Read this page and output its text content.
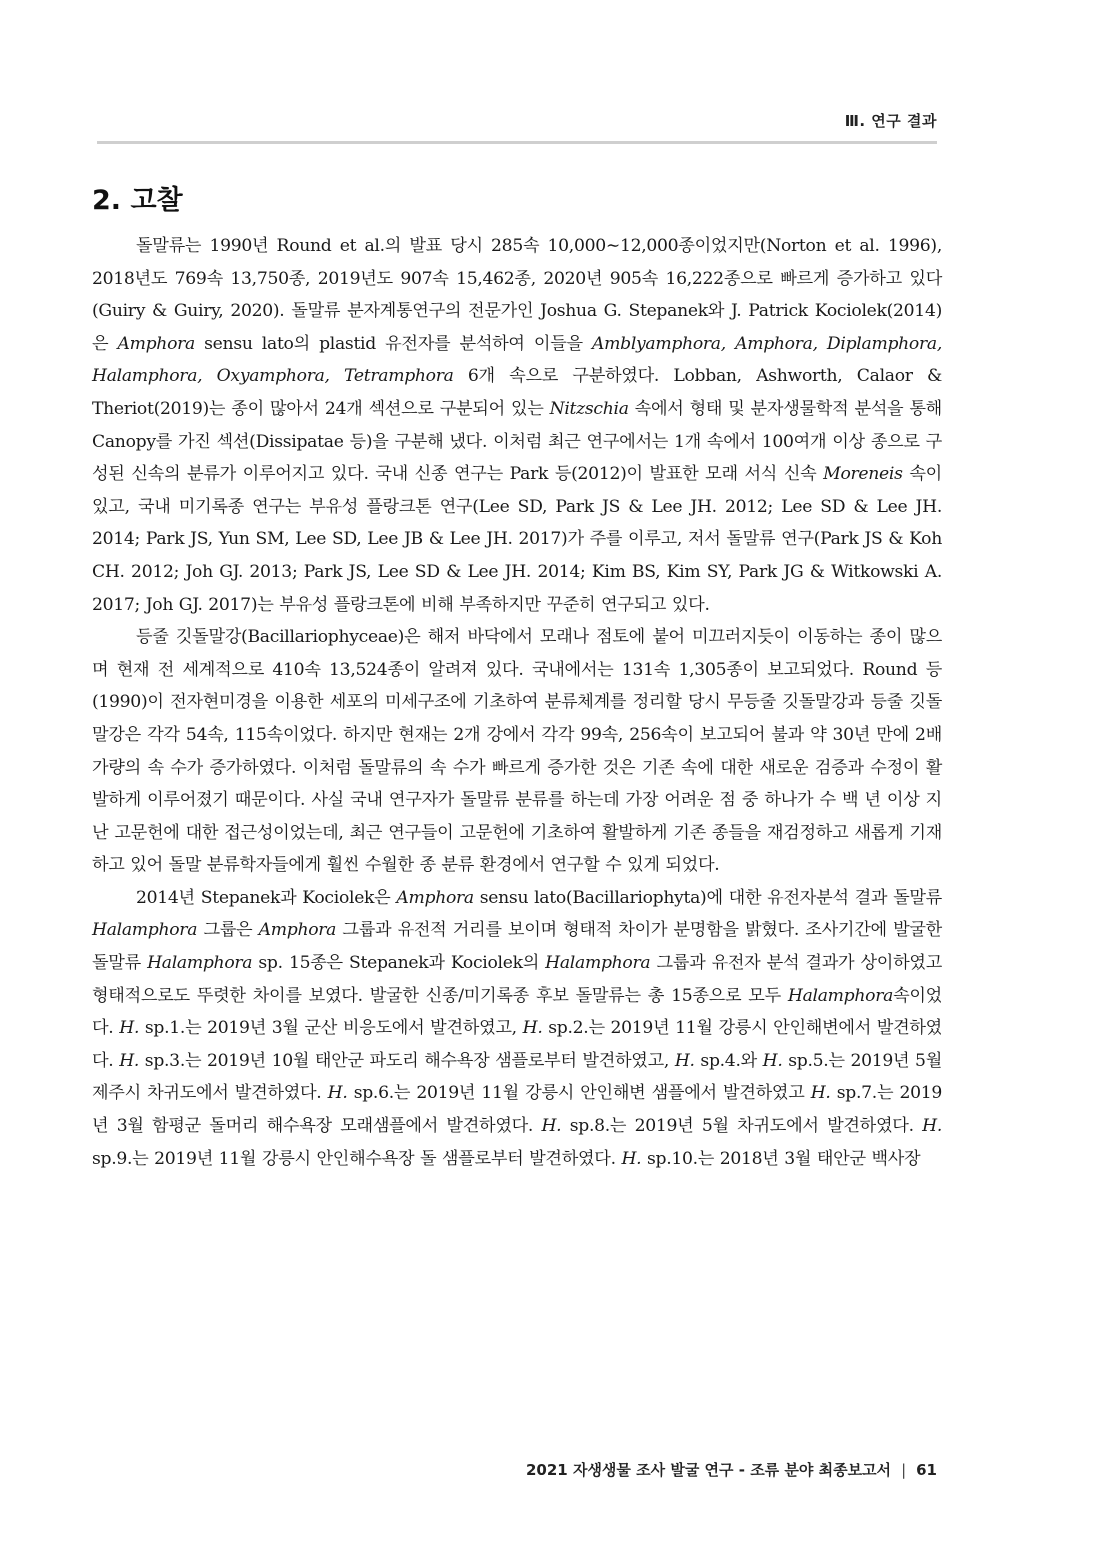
Ⅲ. 연구 결과
2. 고찰

돌말류는 1990년 Round et al.의 발표 당시 285속 10,000∼12,000종이었지만(Norton et al. 1996), 2018년도 769속 13,750종, 2019년도 907속 15,462종, 2020년 905속 16,222종으로 빠르게 증가하고 있다(Guiry & Guiry, 2020). 돌말류 분자계통연구의 전문가인 Joshua G. Stepanek와 J. Patrick Kociolek(2014)은 Amphora sensu lato의 plastid 유전자를 분석하여 이들을 Amblyamphora, Amphora, Diplamphora, Halamphora, Oxyamphora, Tetramphora 6개 속으로 구분하였다. Lobban, Ashworth, Calaor & Theriot(2019)는 종이 많아서 24개 섹션으로 구분되어 있는 Nitzschia 속에서 형태 및 분자생물학적 분석을 통해 Canopy를 가진 섹션(Dissipatae 등)을 구분해 냈다. 이처럼 최근 연구에서는 1개 속에서 100여개 이상 종으로 구성된 신속의 분류가 이루어지고 있다. 국내 신종 연구는 Park 등(2012)이 발표한 모래 서식 신속 Moreneis 속이 있고, 국내 미기록종 연구는 부유성 플랑크톤 연구(Lee SD, Park JS & Lee JH. 2012; Lee SD & Lee JH. 2014; Park JS, Yun SM, Lee SD, Lee JB & Lee JH. 2017)가 주를 이루고, 저서 돌말류 연구(Park JS & Koh CH. 2012; Joh GJ. 2013; Park JS, Lee SD & Lee JH. 2014; Kim BS, Kim SY, Park JG & Witkowski A. 2017; Joh GJ. 2017)는 부유성 플랑크톤에 비해 부족하지만 꾸준히 연구되고 있다.

등줄 깃돌말강(Bacillariophyceae)은 해저 바닥에서 모래나 점토에 붙어 미끄러지듯이 이동하는 종이 많으며 현재 전 세계적으로 410속 13,524종이 알려져 있다. 국내에서는 131속 1,305종이 보고되었다. Round 등(1990)이 전자현미경을 이용한 세포의 미세구조에 기초하여 분류체계를 정리할 당시 무등줄 깃돌말강과 등줄 깃돌말강은 각각 54속, 115속이었다. 하지만 현재는 2개 강에서 각각 99속, 256속이 보고되어 불과 약 30년 만에 2배 가량의 속 수가 증가하였다. 이처럼 돌말류의 속 수가 빠르게 증가한 것은 기존 속에 대한 새로운 검증과 수정이 활발하게 이루어졌기 때문이다. 사실 국내 연구자가 돌말류 분류를 하는데 가장 어려운 점 중 하나가 수 백 년 이상 지난 고문헌에 대한 접근성이었는데, 최근 연구들이 고문헌에 기초하여 활발하게 기존 종들을 재검정하고 새롭게 기재하고 있어 돌말 분류학자들에게 훨씬 수월한 종 분류 환경에서 연구할 수 있게 되었다.

2014년 Stepanek과 Kociolek은 Amphora sensu lato(Bacillariophyta)에 대한 유전자분석 결과 돌말류 Halamphora 그룹은 Amphora 그룹과 유전적 거리를 보이며 형태적 차이가 분명함을 밝혔다. 조사기간에 발굴한 돌말류 Halamphora sp. 15종은 Stepanek과 Kociolek의 Halamphora 그룹과 유전자 분석 결과가 상이하였고 형태적으로도 뚜렷한 차이를 보였다. 발굴한 신종/미기록종 후보 돌말류는 총 15종으로 모두 Halamphora속이었다. H. sp.1.는 2019년 3월 군산 비응도에서 발견하였고, H. sp.2.는 2019년 11월 강릉시 안인해변에서 발견하였다. H. sp.3.는 2019년 10월 태안군 파도리 해수욕장 샘플로부터 발견하였고, H. sp.4.와 H. sp.5.는 2019년 5월 제주시 차귀도에서 발견하였다. H. sp.6.는 2019년 11월 강릉시 안인해변 샘플에서 발견하였고 H. sp.7.는 2019년 3월 함평군 돌머리 해수욕장 모래샘플에서 발견하였다. H. sp.8.는 2019년 5월 차귀도에서 발견하였다. H. sp.9.는 2019년 11월 강릉시 안인해수욕장 돌 샘플로부터 발견하였다. H. sp.10.는 2018년 3월 태안군 백사장

2021 자생생물 조사 발굴 연구 - 조류 분야 최종보고서 | 61
